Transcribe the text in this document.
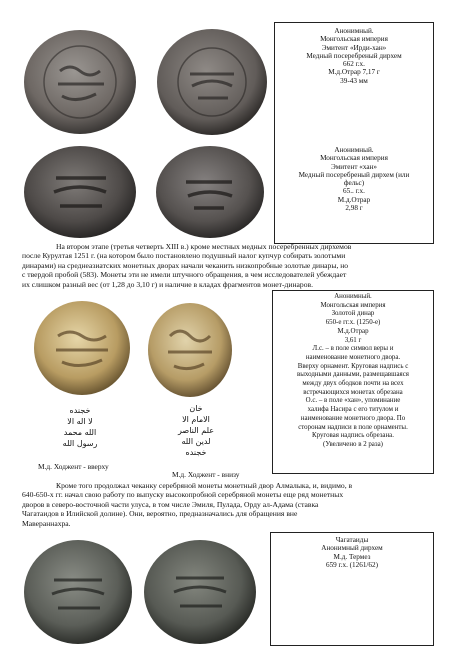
Анонимный.
Монгольская империя
Эмитент «Ирди-хан»
Медный посеребреный дирхем
662 г.х.
М.д.Отрар 7,17 г
39-43 мм
Анонимный.
Монгольская империя
Эмитент «хан»
Медный посеребреный дирхем (или
фельс)
65.. г.х.
М.д.Отрар
2,98 г
На втором этапе (третья четверть XIII в.) кроме местных медных посеребренных дирхемов
после Курултая 1251 г. (на котором было постановлено подушный налог купчур собирать золотыми
динарами) на среднеазиатских монетных дворах начали чеканить низкопробные золотые динары, но
с твердой пробой (583). Монеты эти не имели штучного обращения, в чем исследователей убеждает
их слишком разный вес (от 1,28 до 3,10 г) и наличие в кладах фрагментов монет-динаров.
Анонимный.
Монгольская империя
Золотой динар
650-е гг.х. (1250-е)
М.д.Отрар
3,61 г
Л.с. – в поле символ веры и
наименование монетного двора.
Вверху орнамент. Круговая надпись с
выходными данными, размещавшаяся
между двух ободков почти на всех
встречающихся монетах обрезана
О.с. – в поле «хан», упоминание
халифа Насира с его титулом и
наименование монетного двора. По
сторонам надписи в поле орнаменты.
Круговая надпись обрезана.
(Увеличено в 2 раза)
خجنده
لا اله الا
الله محمد
رسول الله
خان
الامام الا
علم الناصر
لدين الله
خجنده
М.д. Ходжент - вверху
М.д. Ходжент - внизу
Кроме того продолжал чеканку серебряной монеты монетный двор Алмалыка, и, видимо, в
640-650-х гг. начал свою работу по выпуску высокопробной серебряной монеты еще ряд монетных
дворов в северо-восточной части улуса, в том числе Эмиля, Пулада, Орду ал-Адама (ставка
Чагатаидов в Илийской долине). Они, вероятно, предназначались для обращения вне
Мавераннахра.
Чагатаиды
Анонимный дирхем
М.д. Термез
659 г.х. (1261/62)
